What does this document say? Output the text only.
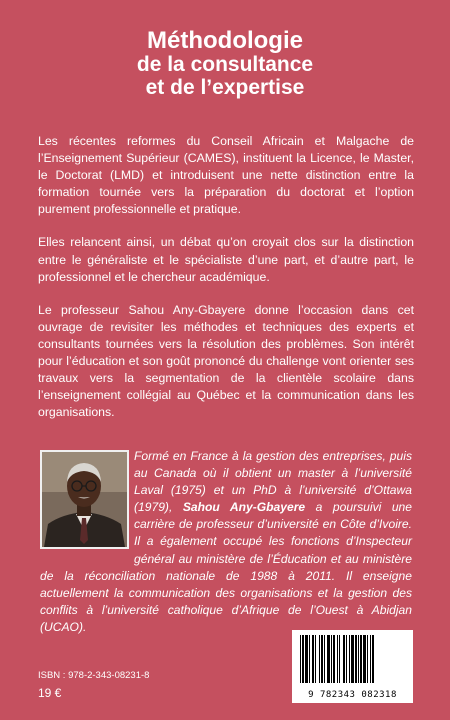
Méthodologie
de la consultance
et de l’expertise

Les récentes reformes du Conseil Africain et Malgache de l’Enseignement Supérieur (CAMES), instituent la Licence, le Master, le Doctorat (LMD) et introduisent une nette distinction entre la formation tournée vers la préparation du doctorat et l’option purement professionnelle et pratique.

Elles relancent ainsi, un débat qu’on croyait clos sur la distinction entre le généraliste et le spécialiste d’une part, et d’autre part, le professionnel et le chercheur académique.

Le professeur Sahou Any-Gbayere donne l’occasion dans cet ouvrage de revisiter les méthodes et techniques des experts et consultants tournées vers la résolution des problèmes. Son intérêt pour l’éducation et son goût prononcé du challenge vont orienter ses travaux vers la segmentation de la clientèle scolaire dans l’enseignement collégial au Québec et la communication dans les organisations.

Formé en France à la gestion des entreprises, puis au Canada où il obtient un master à l’université Laval (1975) et un PhD à l’université d’Ottawa (1979), Sahou Any-Gbayere a poursuivi une carrière de professeur d’université en Côte d’Ivoire. Il a également occupé les fonctions d’Inspecteur général au ministère de l’Éducation et au ministère de la réconciliation nationale de 1988 à 2011. Il enseigne actuellement la communication des organisations et la gestion des conflits à l’université catholique d’Afrique de l’Ouest à Abidjan (UCAO).
ISBN : 978-2-343-08231-8
19 €	9 782343 082318
